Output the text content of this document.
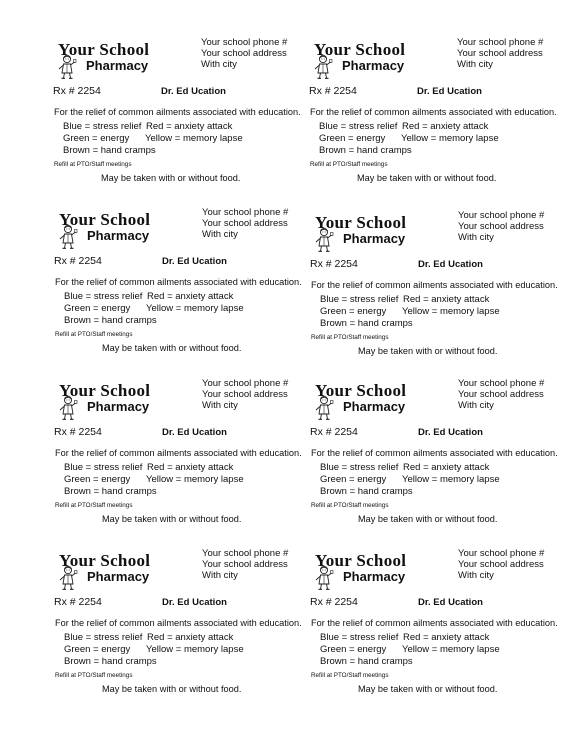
Your School
Pharmacy
Your school phone #
Your school address
With city
Rx # 2254	Dr. Ed Ucation
For the relief of common ailments associated with education.
Blue = stress relief Red = anxiety attack
Green = energy Yellow = memory lapse
Brown = hand cramps
Refill at PTO/Staff meetings
May be taken with or without food.
Your School
Pharmacy
Your school phone #
Your school address
With city
Rx # 2254	Dr. Ed Ucation
For the relief of common ailments associated with education.
Blue = stress relief Red = anxiety attack
Green = energy Yellow = memory lapse
Brown = hand cramps
Refill at PTO/Staff meetings
May be taken with or without food.
Your School
Pharmacy
Your school phone #
Your school address
With city
Rx # 2254	Dr. Ed Ucation
For the relief of common ailments associated with education.
Blue = stress relief Red = anxiety attack
Green = energy Yellow = memory lapse
Brown = hand cramps
Refill at PTO/Staff meetings
May be taken with or without food.
Your School
Pharmacy
Your school phone #
Your school address
With city
Rx # 2254	Dr. Ed Ucation
For the relief of common ailments associated with education.
Blue = stress relief Red = anxiety attack
Green = energy Yellow = memory lapse
Brown = hand cramps
Refill at PTO/Staff meetings
May be taken with or without food.
Your School
Pharmacy
Your school phone #
Your school address
With city
Rx # 2254	Dr. Ed Ucation
For the relief of common ailments associated with education.
Blue = stress relief Red = anxiety attack
Green = energy Yellow = memory lapse
Brown = hand cramps
Refill at PTO/Staff meetings
May be taken with or without food.
Your School
Pharmacy
Your school phone #
Your school address
With city
Rx # 2254	Dr. Ed Ucation
For the relief of common ailments associated with education.
Blue = stress relief Red = anxiety attack
Green = energy Yellow = memory lapse
Brown = hand cramps
Refill at PTO/Staff meetings
May be taken with or without food.
Your School
Pharmacy
Your school phone #
Your school address
With city
Rx # 2254	Dr. Ed Ucation
For the relief of common ailments associated with education.
Blue = stress relief Red = anxiety attack
Green = energy Yellow = memory lapse
Brown = hand cramps
Refill at PTO/Staff meetings
May be taken with or without food.
Your School
Pharmacy
Your school phone #
Your school address
With city
Rx # 2254	Dr. Ed Ucation
For the relief of common ailments associated with education.
Blue = stress relief Red = anxiety attack
Green = energy Yellow = memory lapse
Brown = hand cramps
Refill at PTO/Staff meetings
May be taken with or without food.
